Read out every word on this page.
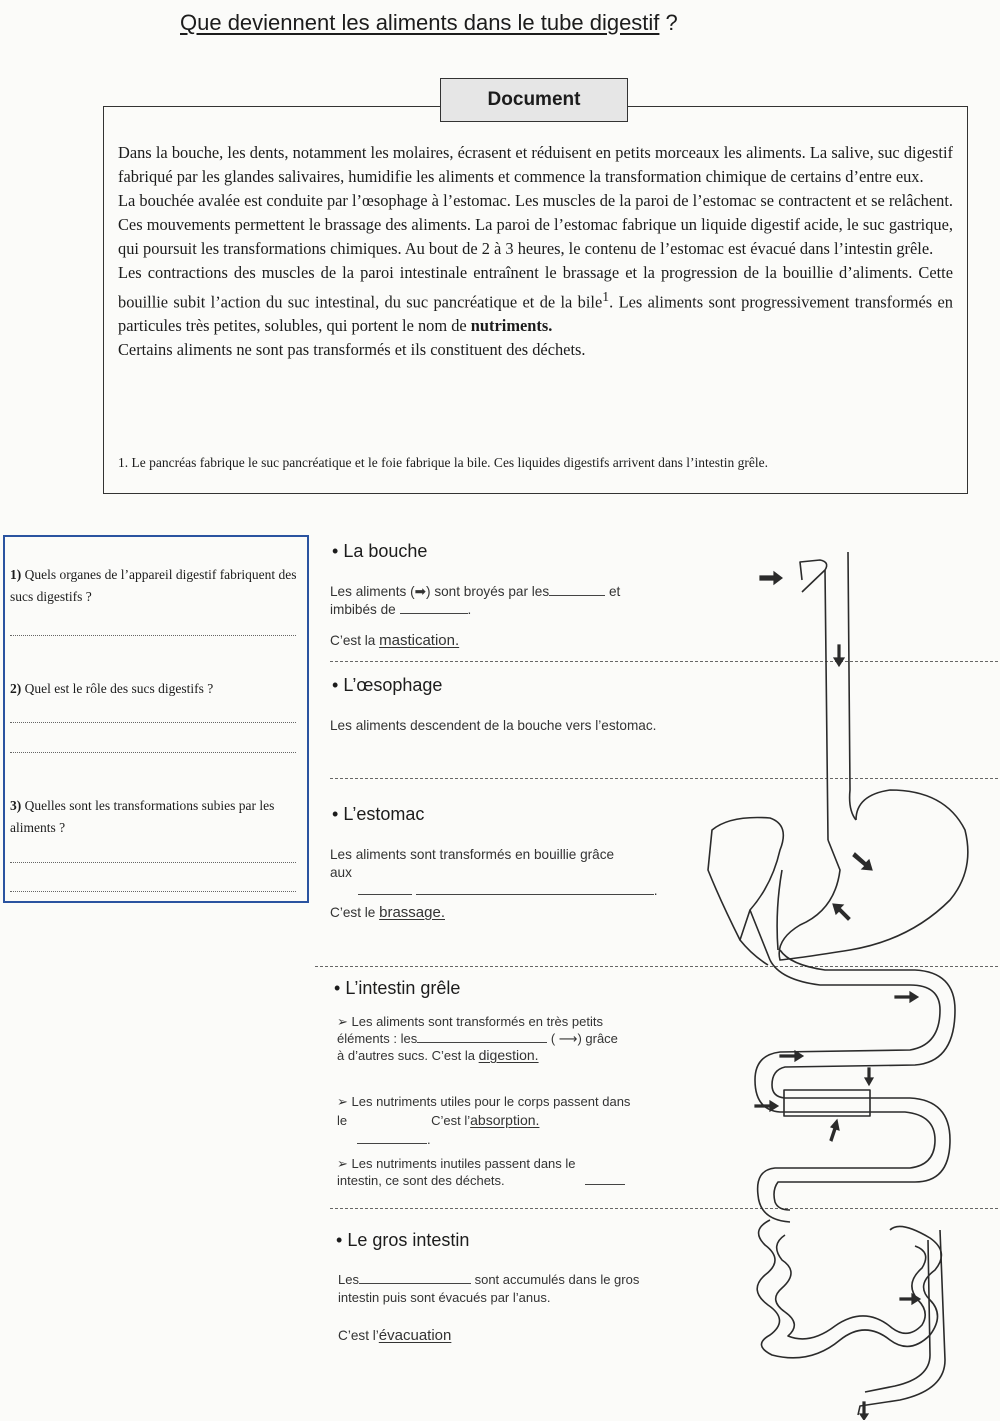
Que deviennent les aliments dans le tube digestif ?
Document

Dans la bouche, les dents, notamment les molaires, écrasent et réduisent en petits morceaux les aliments. La salive, suc digestif fabriqué par les glandes salivaires, humidifie les aliments et commence la transformation chimique de certains d’entre eux.

La bouchée avalée est conduite par l’œsophage à l’estomac. Les muscles de la paroi de l’estomac se contractent et se relâchent. Ces mouvements permettent le brassage des aliments. La paroi de l’estomac fabrique un liquide digestif acide, le suc gastrique, qui poursuit les transformations chimiques. Au bout de 2 à 3 heures, le contenu de l’estomac est évacué dans l’intestin grêle.

Les contractions des muscles de la paroi intestinale entraînent le brassage et la progression de la bouillie d’aliments. Cette bouillie subit l’action du suc intestinal, du suc pancréatique et de la bile$^1$. Les aliments sont progressivement transformés en particules très petites, solubles, qui portent le nom de nutriments.

Certains aliments ne sont pas transformés et ils constituent des déchets.

1. Le pancréas fabrique le suc pancréatique et le foie fabrique la bile. Ces liquides digestifs arrivent dans l’intestin grêle.
1) Quels organes de l’appareil digestif fabriquent des sucs digestifs ?
2) Quel est le rôle des sucs digestifs ?
3) Quelles sont les transformations subies par les aliments ?
• La bouche
Les aliments (➡) sont broyés par les	et
imbibés de	.
C’est la mastication.
• L’œsophage
Les aliments descendent de la bouche vers l’estomac.
• L’estomac
Les aliments sont transformés en bouillie grâce
aux
.
C’est le brassage.
• L’intestin grêle
➢ Les aliments sont transformés en très petits
éléments : les	( ⟶) grâce
à d’autres sucs. C’est la digestion.
➢ Les nutriments utiles pour le corps passent dans
le	C’est l’absorption.
.
➢ Les nutriments inutiles passent dans le
intestin, ce sont des déchets.
• Le gros intestin
Les	sont accumulés dans le gros
intestin puis sont évacués par l’anus.
C’est l’évacuation
